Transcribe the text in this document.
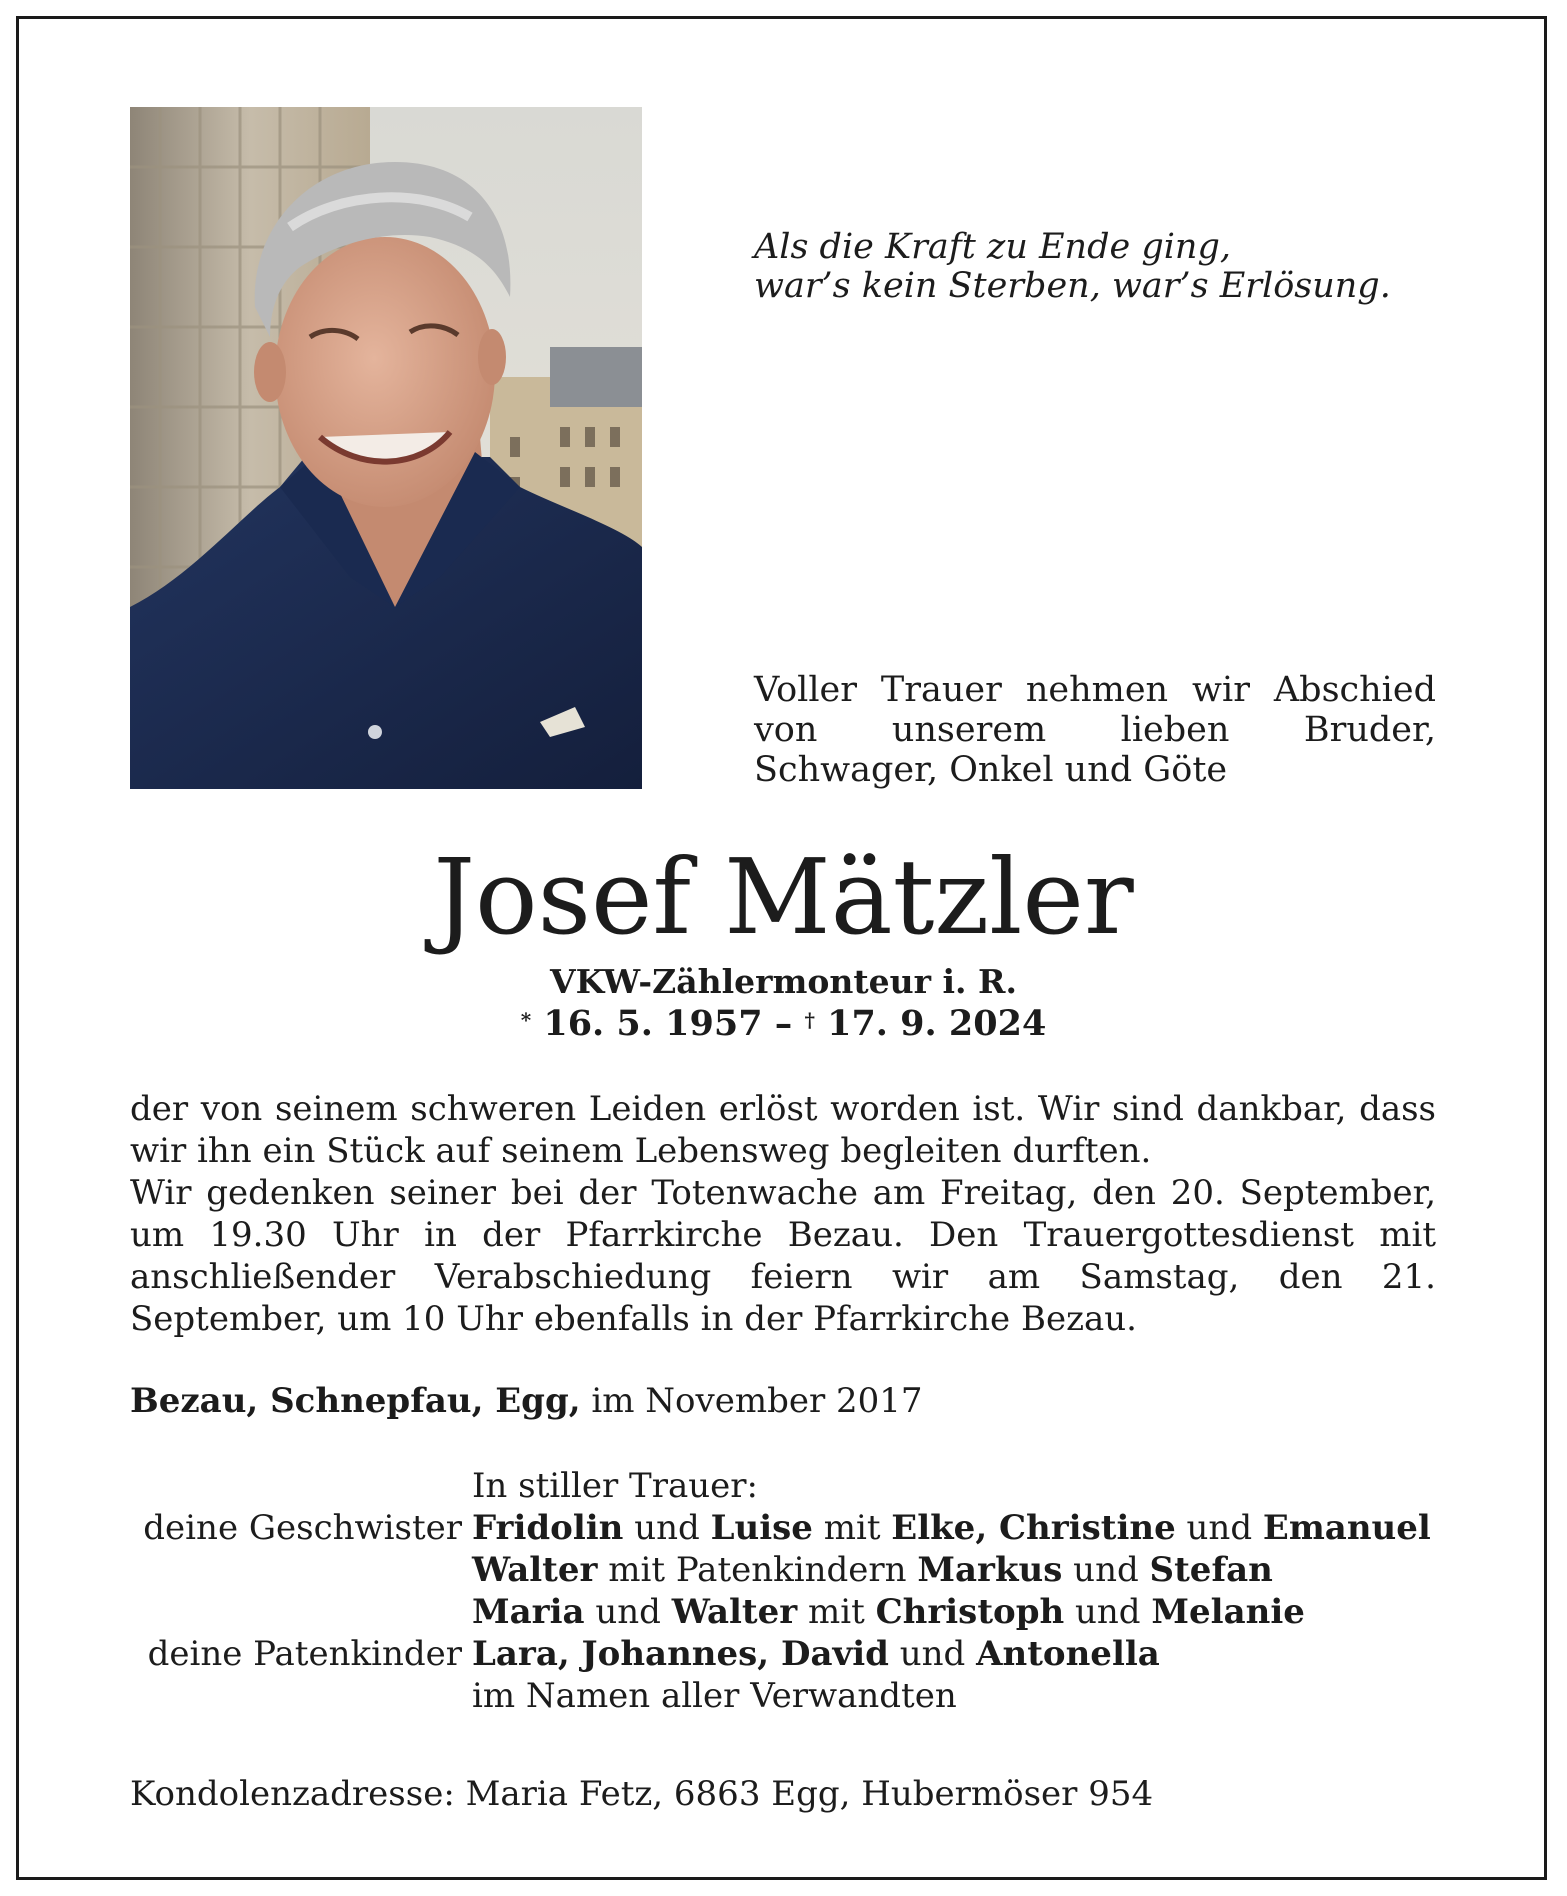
Als die Kraft zu Ende ging,
war’s kein Sterben, war’s Erlösung.
Voller Trauer nehmen wir Abschied von unserem lieben Bruder, Schwager, Onkel und Göte
Josef Mätzler
VKW-Zählermonteur i. R.
* 16. 5. 1957 – † 17. 9. 2024

der von seinem schweren Leiden erlöst worden ist. Wir sind dankbar, dass wir ihn ein Stück auf seinem Lebensweg begleiten durften.

Wir gedenken seiner bei der Totenwache am Freitag, den 20. September, um 19.30 Uhr in der Pfarrkirche Bezau. Den Trauergottesdienst mit anschließender Verabschiedung feiern wir am Samstag, den 21. September, um 10 Uhr ebenfalls in der Pfarrkirche Bezau.

Bezau, Schnepfau, Egg, im November 2017
In stiller Trauer:
deine Geschwister Fridolin und Luise mit Elke, Christine und Emanuel
Walter mit Patenkindern Markus und Stefan
Maria und Walter mit Christoph und Melanie
deine Patenkinder Lara, Johannes, David und Antonella
im Namen aller Verwandten
Kondolenzadresse: Maria Fetz, 6863 Egg, Hubermöser 954
